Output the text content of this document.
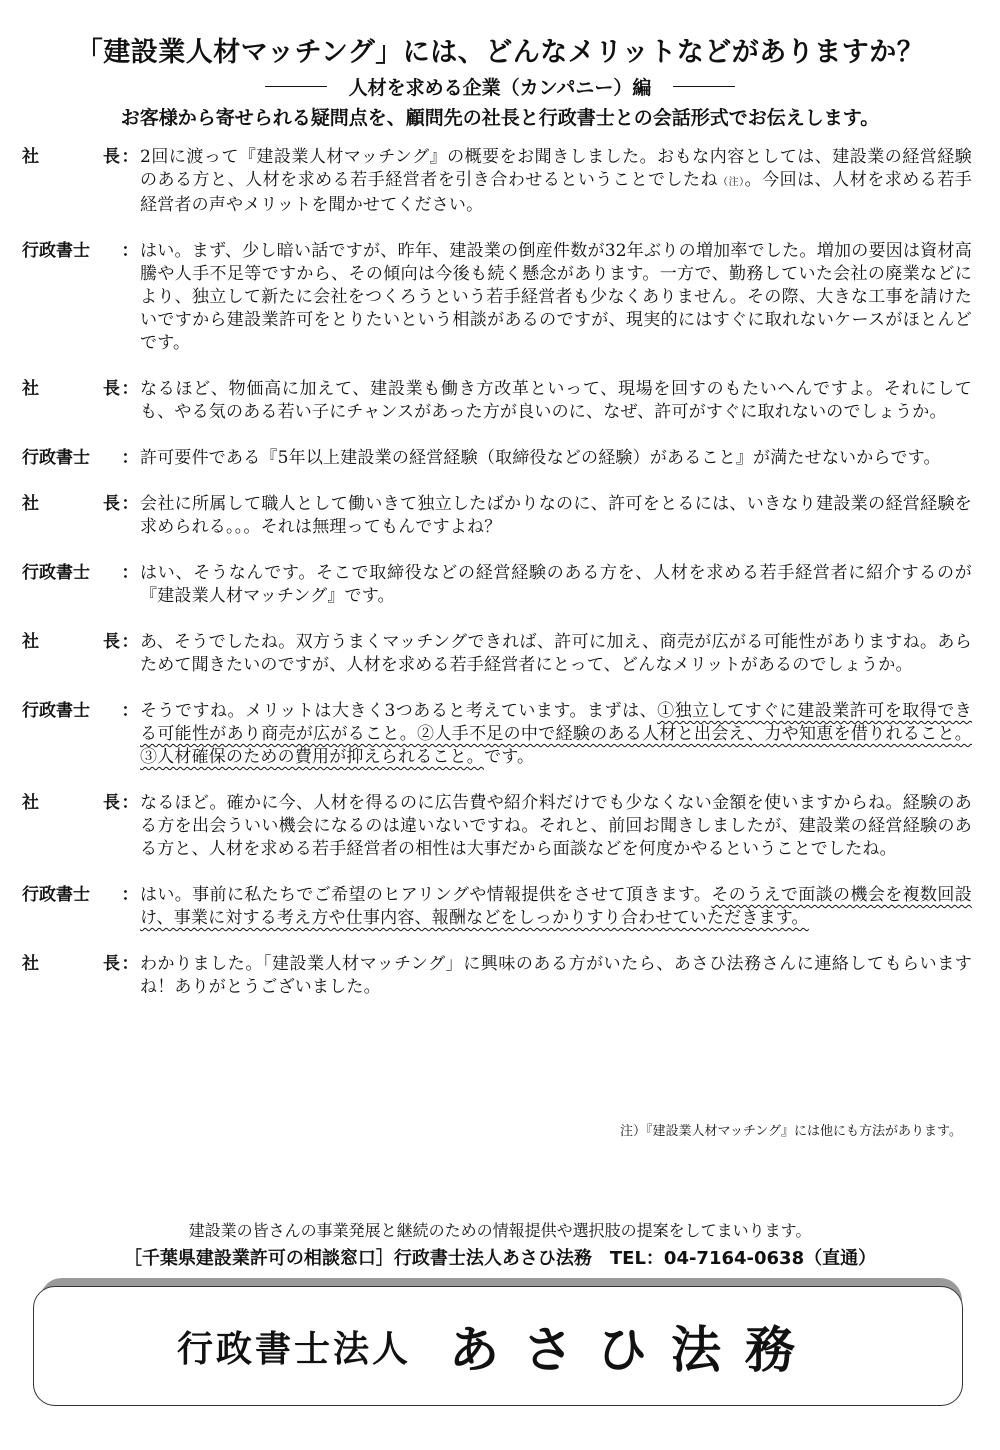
「建設業人材マッチング」には、どんなメリットなどがありますか？
人材を求める企業（カンパニー）編
お客様から寄せられる疑問点を、顧問先の社長と行政書士との会話形式でお伝えします。
社	長 ： 2回に渡って『建設業人材マッチング』の概要をお聞きしました。おもな内容としては、建設業の経営経験のある方と、人材を求める若手経営者を引き合わせるということでしたね（注）。今回は、人材を求める若手経営者の声やメリットを聞かせてください。
行政書士 ： はい。まず、少し暗い話ですが、昨年、建設業の倒産件数が32年ぶりの増加率でした。増加の要因は資材高騰や人手不足等ですから、その傾向は今後も続く懸念があります。一方で、勤務していた会社の廃業などにより、独立して新たに会社をつくろうという若手経営者も少なくありません。その際、大きな工事を請けたいですから建設業許可をとりたいという相談があるのですが、現実的にはすぐに取れないケースがほとんどです。
社	長 ： なるほど、物価高に加えて、建設業も働き方改革といって、現場を回すのもたいへんですよ。それにしても、やる気のある若い子にチャンスがあった方が良いのに、なぜ、許可がすぐに取れないのでしょうか。
行政書士 ： 許可要件である『5年以上建設業の経営経験（取締役などの経験）があること』が満たせないからです。
社	長 ： 会社に所属して職人として働いきて独立したばかりなのに、許可をとるには、いきなり建設業の経営経験を求められる。。。それは無理ってもんですよね？
行政書士 ： はい、そうなんです。そこで取締役などの経営経験のある方を、人材を求める若手経営者に紹介するのが『建設業人材マッチング』です。
社	長 ： あ、そうでしたね。双方うまくマッチングできれば、許可に加え、商売が広がる可能性がありますね。あらためて聞きたいのですが、人材を求める若手経営者にとって、どんなメリットがあるのでしょうか。
行政書士 ： そうですね。メリットは大きく3つあると考えています。まずは、①独立してすぐに建設業許可を取得できる可能性があり商売が広がること。②人手不足の中で経験のある人材と出会え、力や知恵を借りれること。③人材確保のための費用が抑えられること。です。
社	長 ： なるほど。確かに今、人材を得るのに広告費や紹介料だけでも少なくない金額を使いますからね。経験のある方を出会ういい機会になるのは違いないですね。それと、前回お聞きしましたが、建設業の経営経験のある方と、人材を求める若手経営者の相性は大事だから面談などを何度かやるということでしたね。
行政書士 ： はい。事前に私たちでご希望のヒアリングや情報提供をさせて頂きます。そのうえで面談の機会を複数回設け、事業に対する考え方や仕事内容、報酬などをしっかりすり合わせていただきます。
社	長 ： わかりました。「建設業人材マッチング」に興味のある方がいたら、あさひ法務さんに連絡してもらいますね！ありがとうございました。
注）『建設業人材マッチング』には他にも方法があります。
建設業の皆さんの事業発展と継続のための情報提供や選択肢の提案をしてまいります。
［千葉県建設業許可の相談窓口］行政書士法人あさひ法務　TEL：04-7164-0638（直通）
行政書士法人 あさひ法務
